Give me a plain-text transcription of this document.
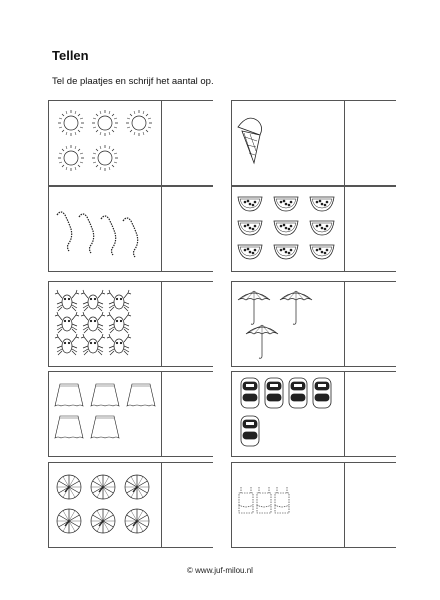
Tellen
Tel de plaatjes en schrijf het aantal op.
© www.juf-milou.nl
